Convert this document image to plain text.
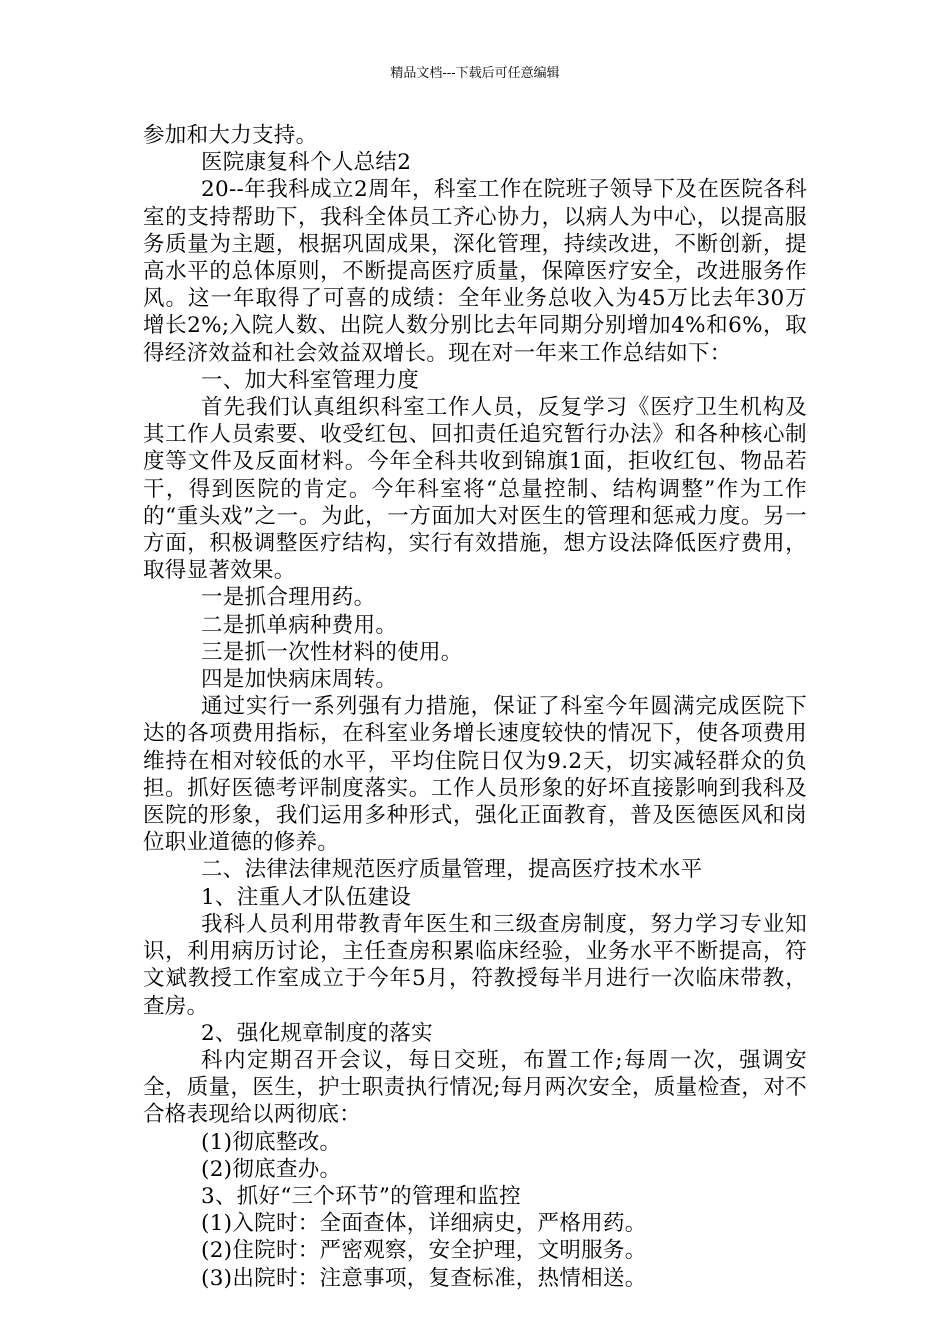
精品文档---下载后可任意编辑

参加和大力支持。

医院康复科个人总结2

20--年我科成立2周年，科室工作在院班子领导下及在医院各科室的支持帮助下，我科全体员工齐心协力，以病人为中心，以提高服务质量为主题，根据巩固成果，深化管理，持续改进，不断创新，提高水平的总体原则，不断提高医疗质量，保障医疗安全，改进服务作风。这一年取得了可喜的成绩：全年业务总收入为45万比去年30万增长2%;入院人数、出院人数分别比去年同期分别增加4%和6%，取得经济效益和社会效益双增长。现在对一年来工作总结如下：

一、加大科室管理力度

首先我们认真组织科室工作人员，反复学习《医疗卫生机构及其工作人员索要、收受红包、回扣责任追究暂行办法》和各种核心制度等文件及反面材料。今年全科共收到锦旗1面，拒收红包、物品若干，得到医院的肯定。今年科室将“总量控制、结构调整”作为工作的“重头戏”之一。为此，一方面加大对医生的管理和惩戒力度。另一方面，积极调整医疗结构，实行有效措施，想方设法降低医疗费用，取得显著效果。

一是抓合理用药。

二是抓单病种费用。

三是抓一次性材料的使用。

四是加快病床周转。

通过实行一系列强有力措施，保证了科室今年圆满完成医院下达的各项费用指标，在科室业务增长速度较快的情况下，使各项费用维持在相对较低的水平，平均住院日仅为9.2天，切实减轻群众的负担。抓好医德考评制度落实。工作人员形象的好坏直接影响到我科及医院的形象，我们运用多种形式，强化正面教育，普及医德医风和岗位职业道德的修养。

二、法律法律规范医疗质量管理，提高医疗技术水平

1、注重人才队伍建设

我科人员利用带教青年医生和三级查房制度，努力学习专业知识，利用病历讨论，主任查房积累临床经验，业务水平不断提高，符文斌教授工作室成立于今年5月，符教授每半月进行一次临床带教，查房。

2、强化规章制度的落实

科内定期召开会议，每日交班，布置工作;每周一次，强调安全，质量，医生，护士职责执行情况;每月两次安全，质量检查，对不合格表现给以两彻底：

(1)彻底整改。

(2)彻底查办。

3、抓好“三个环节”的管理和监控

(1)入院时：全面查体，详细病史，严格用药。

(2)住院时：严密观察，安全护理，文明服务。

(3)出院时：注意事项，复查标准，热情相送。
